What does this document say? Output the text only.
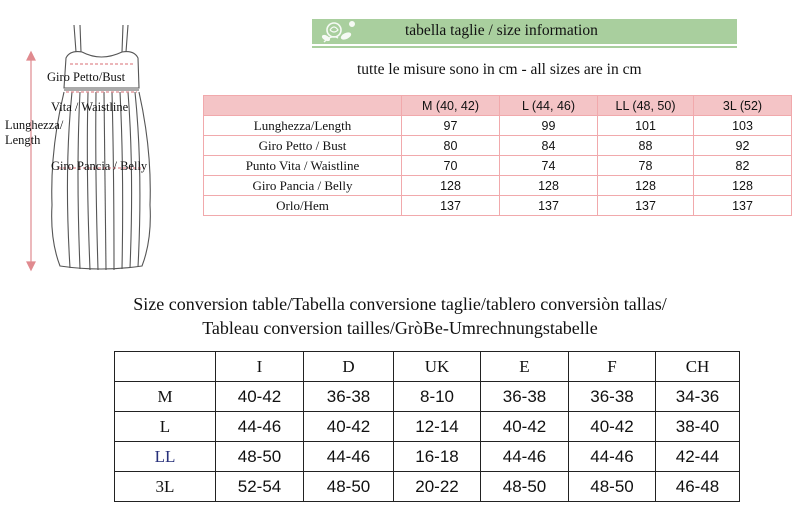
Giro Petto/Bust
Vita / Waistline
Lunghezza/
Length
Giro Pancia / Belly
tabella taglie / size information
tutte le misure sono in cm - all sizes are in cm
	M (40, 42)	L (44, 46)	LL (48, 50)	3L (52)
Lunghezza/Length	97	99	101	103
Giro Petto / Bust	80	84	88	92
Punto Vita / Waistline	70	74	78	82
Giro Pancia / Belly	128	128	128	128
Orlo/Hem	137	137	137	137
Size conversion table/Tabella conversione taglie/tablero conversiòn tallas/
Tableau conversion tailles/GròBe-Umrechnungstabelle
	I	D	UK	E	F	CH
M	40-42	36-38	8-10	36-38	36-38	34-36
L	44-46	40-42	12-14	40-42	40-42	38-40
LL	48-50	44-46	16-18	44-46	44-46	42-44
3L	52-54	48-50	20-22	48-50	48-50	46-48
